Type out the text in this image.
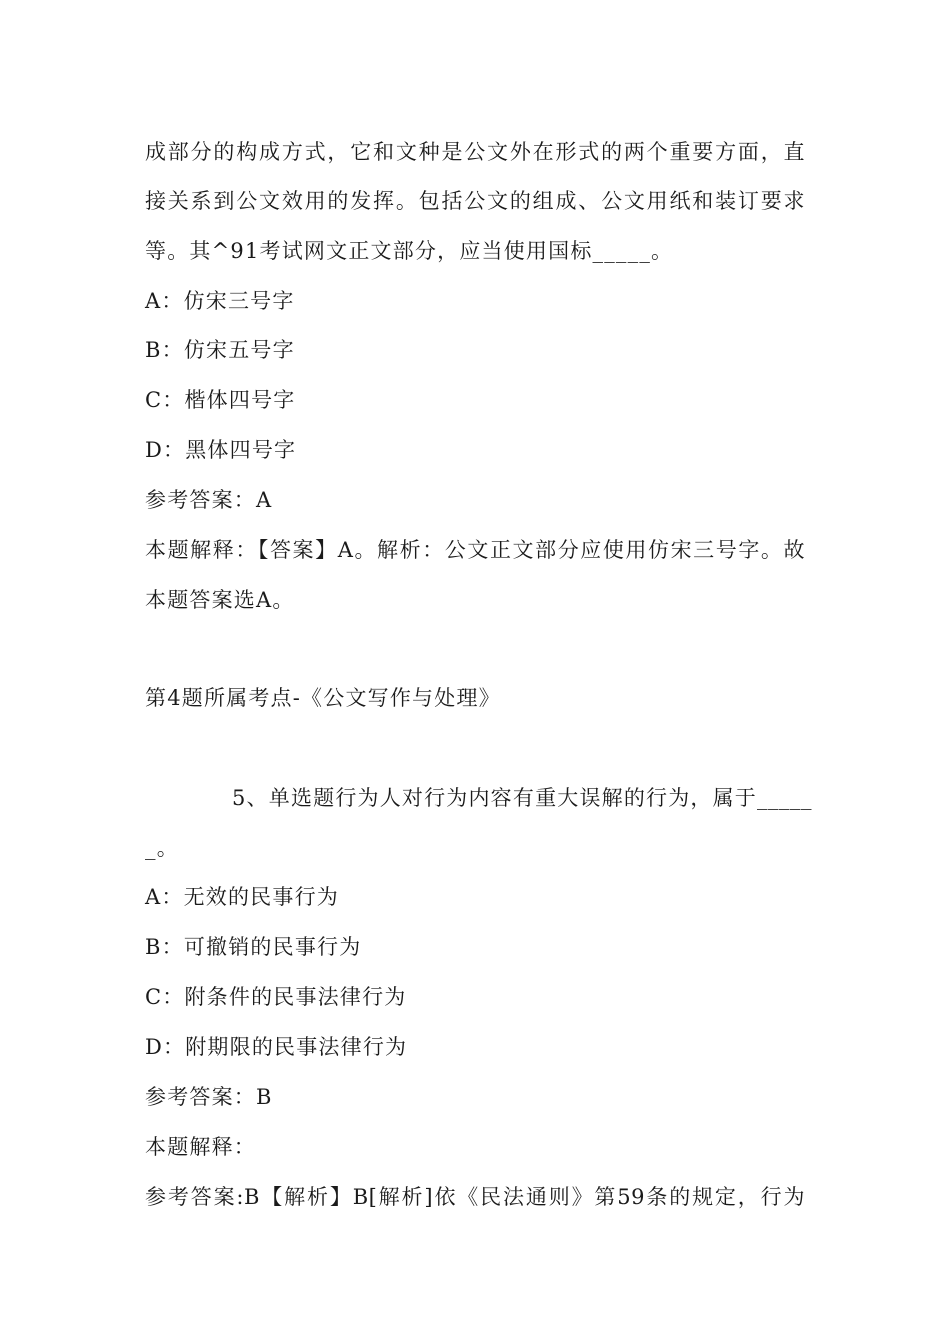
成部分的构成方式，它和文种是公文外在形式的两个重要方面，直
接关系到公文效用的发挥。包括公文的组成、公文用纸和装订要求
等。其^91考试网文正文部分，应当使用国标_____。
A：仿宋三号字
B：仿宋五号字
C：楷体四号字
D：黑体四号字
参考答案：A
本题解释：【答案】A。解析：公文正文部分应使用仿宋三号字。故
本题答案选A。
第4题所属考点-《公文写作与处理》
5、单选题行为人对行为内容有重大误解的行为，属于_____
_。
A：无效的民事行为
B：可撤销的民事行为
C：附条件的民事法律行为
D：附期限的民事法律行为
参考答案：B
本题解释：
参考答案:B【解析】B[解析]依《民法通则》第59条的规定，行为
